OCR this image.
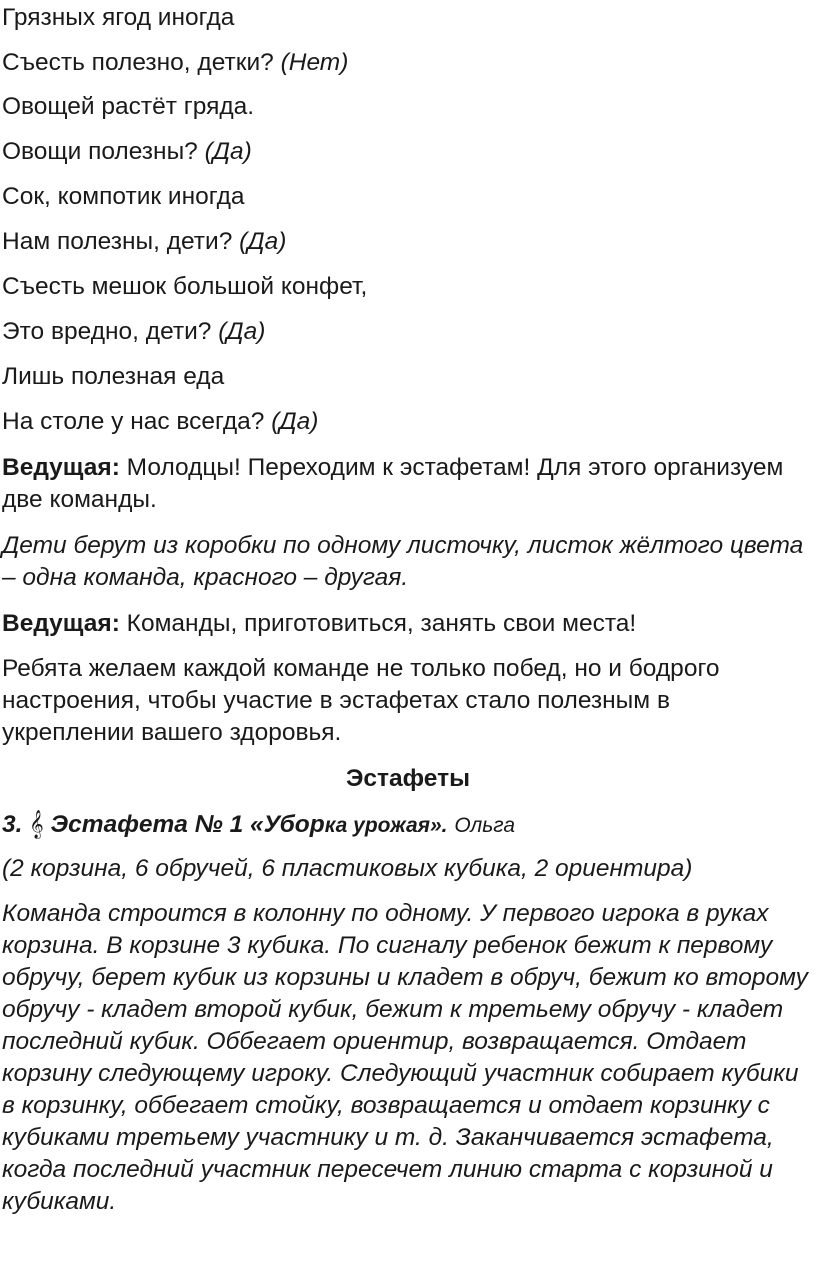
Грязных ягод иногда
Съесть полезно, детки? (Нет)
Овощей растёт гряда.
Овощи полезны? (Да)
Сок, компотик иногда
Нам полезны, дети? (Да)
Съесть мешок большой конфет,
Это вредно, дети? (Да)
Лишь полезная еда
На столе у нас всегда? (Да)
Ведущая: Молодцы! Переходим к эстафетам! Для этого организуем две команды.
Дети берут из коробки по одному листочку, листок жёлтого цвета – одна команда, красного – другая.
Ведущая: Команды, приготовиться, занять свои места!
Ребята желаем каждой команде не только побед, но и бодрого настроения, чтобы участие в эстафетах стало полезным в укреплении вашего здоровья.
Эстафеты
3. 𝄞 Эстафета № 1 «Уборка урожая». Ольга
(2 корзина, 6 обручей, 6 пластиковых кубика, 2 ориентира)
Команда строится в колонну по одному. У первого игрока в руках корзина. В корзине 3 кубика. По сигналу ребенок бежит к первому обручу, берет кубик из корзины и кладет в обруч, бежит ко второму обручу - кладет второй кубик, бежит к третьему обручу - кладет последний кубик. Оббегает ориентир, возвращается. Отдает корзину следующему игроку. Следующий участник собирает кубики в корзинку, оббегает стойку, возвращается и отдает корзинку с кубиками третьему участнику и т. д. Заканчивается эстафета, когда последний участник пересечет линию старта с корзиной и кубиками.
